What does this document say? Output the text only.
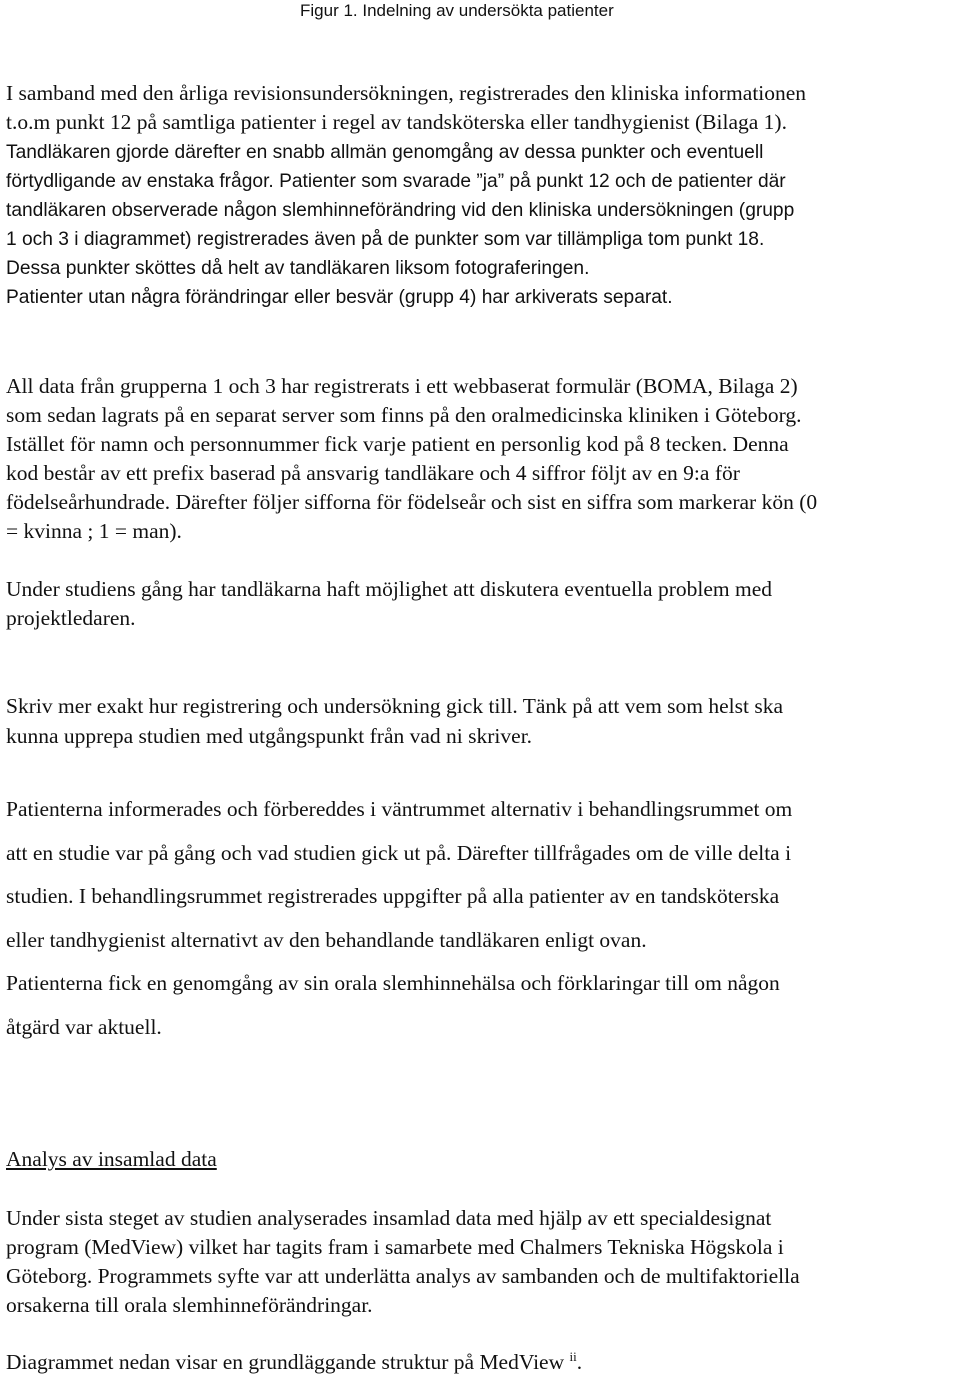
Figur 1. Indelning av undersökta patienter
I samband med den årliga revisionsundersökningen, registrerades den kliniska informationen
t.o.m punkt 12 på samtliga patienter i regel av tandsköterska eller tandhygienist (Bilaga 1).
Tandläkaren gjorde därefter en snabb allmän genomgång av dessa punkter och eventuell
förtydligande av enstaka frågor. Patienter som svarade ”ja” på punkt 12 och de patienter där
tandläkaren observerade någon slemhinneförändring vid den kliniska undersökningen (grupp
1 och 3 i diagrammet) registrerades även på de punkter som var tillämpliga tom punkt 18.
Dessa punkter sköttes då helt av tandläkaren liksom fotograferingen.
Patienter utan några förändringar eller besvär (grupp 4) har arkiverats separat.
All data från grupperna 1 och 3 har registrerats i ett webbaserat formulär (BOMA, Bilaga 2)
som sedan lagrats på en separat server som finns på den oralmedicinska kliniken i Göteborg.
Istället för namn och personnummer fick varje patient en personlig kod på 8 tecken. Denna
kod består av ett prefix baserad på ansvarig tandläkare och 4 siffror följt av en 9:a för
födelseårhundrade. Därefter följer sifforna för födelseår och sist en siffra som markerar kön (0
= kvinna ; 1 = man).
Under studiens gång har tandläkarna haft möjlighet att diskutera eventuella problem med
projektledaren.
Skriv mer exakt hur registrering och undersökning gick till. Tänk på att vem som helst ska
kunna upprepa studien med utgångspunkt från vad ni skriver.
Patienterna informerades och förbereddes i väntrummet alternativ i behandlingsrummet om
att en studie var på gång och vad studien gick ut på. Därefter tillfrågades om de ville delta i
studien. I behandlingsrummet registrerades uppgifter på alla patienter av en tandsköterska
eller tandhygienist alternativt av den behandlande tandläkaren enligt ovan.
Patienterna fick en genomgång av sin orala slemhinnehälsa och förklaringar till om någon
åtgärd var aktuell.
Analys av insamlad data
Under sista steget av studien analyserades insamlad data med hjälp av ett specialdesignat
program (MedView) vilket har tagits fram i samarbete med Chalmers Tekniska Högskola i
Göteborg. Programmets syfte var att underlätta analys av sambanden och de multifaktoriella
orsakerna till orala slemhinneförändringar.
Diagrammet nedan visar en grundläggande struktur på MedView $^{ii}$.
